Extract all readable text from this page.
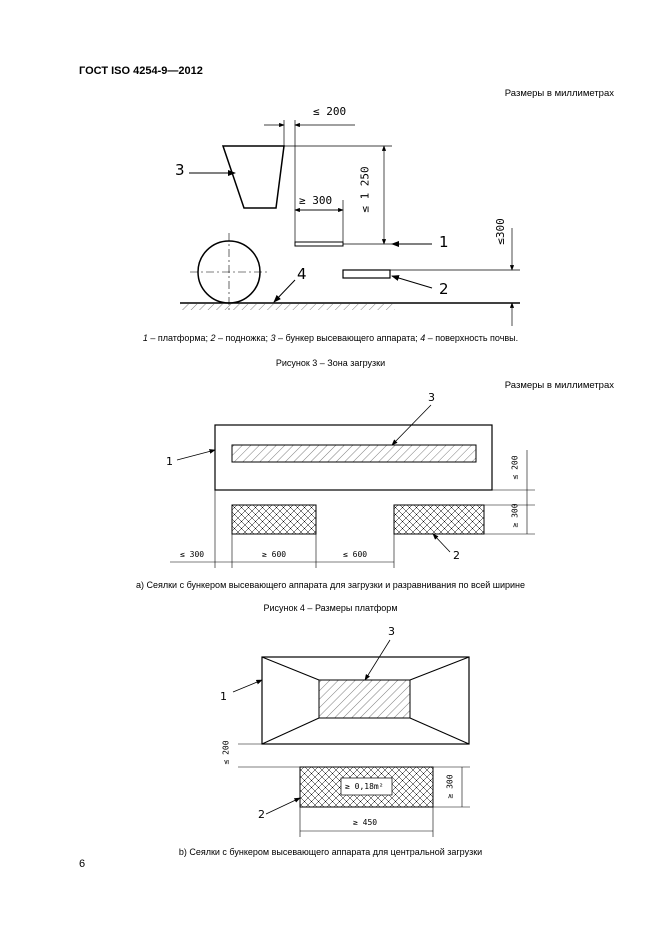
ГОСТ ISO 4254-9—2012
Размеры в миллиметрах
3
4
1
2
≤ 200
≥ 300 ≤ 1 250
≤300
1 – платформа; 2 – подножка; 3 – бункер высевающего аппарата; 4 – поверхность почвы.
Рисунок 3 – Зона загрузки
Размеры в миллиметрах
3
1
2
≤ 300	≥ 600	≤ 600
≤ 200
≥ 300
а) Сеялки с бункером высевающего аппарата для загрузки и разравнивания по всей ширине
Рисунок 4 – Размеры платформ
3
1
2
≤ 200
≥ 0,18m²	≥ 300
≥ 450
b) Сеялки с бункером высевающего аппарата для центральной загрузки
6
